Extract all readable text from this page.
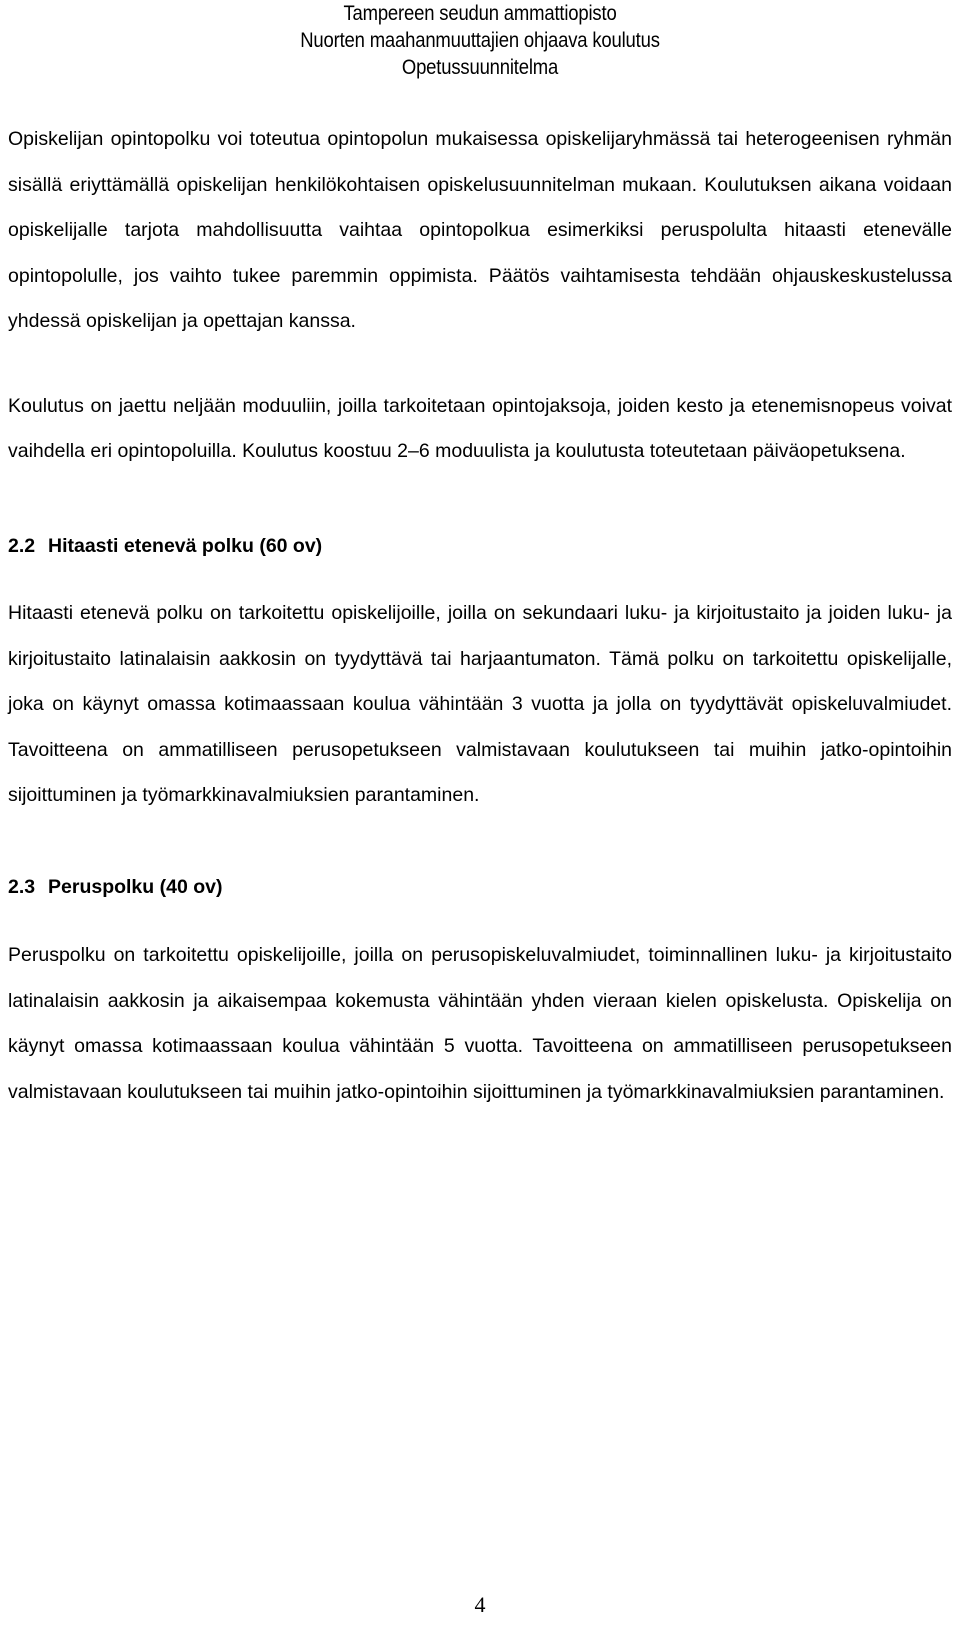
Tampereen seudun ammattiopisto
Nuorten maahanmuuttajien ohjaava koulutus
Opetussuunnitelma

Opiskelijan opintopolku voi toteutua opintopolun mukaisessa opiskelijaryhmässä tai heterogeenisen ryhmän sisällä eriyttämällä opiskelijan henkilökohtaisen opiskelusuunnitelman mukaan. Koulutuksen aikana voidaan opiskelijalle tarjota mahdollisuutta vaihtaa opintopolkua esimerkiksi peruspolulta hitaasti etenevälle opintopolulle, jos vaihto tukee paremmin oppimista. Päätös vaihtamisesta tehdään ohjauskeskustelussa yhdessä opiskelijan ja opettajan kanssa.

Koulutus on jaettu neljään moduuliin, joilla tarkoitetaan opintojaksoja, joiden kesto ja etenemisnopeus voivat vaihdella eri opintopoluilla. Koulutus koostuu 2–6 moduulista ja koulutusta toteutetaan päiväopetuksena.

2.2 Hitaasti etenevä polku (60 ov)

Hitaasti etenevä polku on tarkoitettu opiskelijoille, joilla on sekundaari luku- ja kirjoitustaito ja joiden luku- ja kirjoitustaito latinalaisin aakkosin on tyydyttävä tai harjaantumaton. Tämä polku on tarkoitettu opiskelijalle, joka on käynyt omassa kotimaassaan koulua vähintään 3 vuotta ja jolla on tyydyttävät opiskeluvalmiudet. Tavoitteena on ammatilliseen perusopetukseen valmistavaan koulutukseen tai muihin jatko-opintoihin sijoittuminen ja työmarkkinavalmiuksien parantaminen.

2.3 Peruspolku (40 ov)

Peruspolku on tarkoitettu opiskelijoille, joilla on perusopiskeluvalmiudet, toiminnallinen luku- ja kirjoitustaito latinalaisin aakkosin ja aikaisempaa kokemusta vähintään yhden vieraan kielen opiskelusta. Opiskelija on käynyt omassa kotimaassaan koulua vähintään 5 vuotta. Tavoitteena on ammatilliseen perusopetukseen valmistavaan koulutukseen tai muihin jatko-opintoihin sijoittuminen ja työmarkkinavalmiuksien parantaminen.

4
